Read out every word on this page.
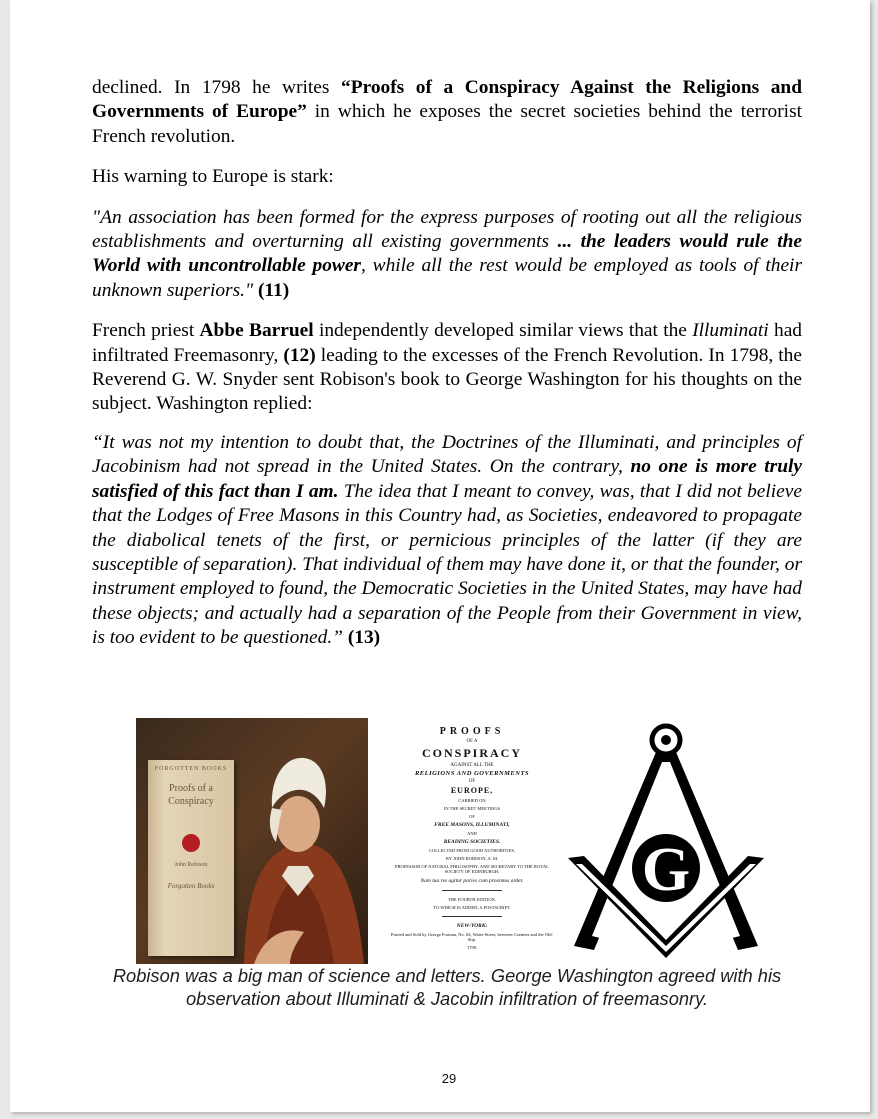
declined. In 1798 he writes “Proofs of a Conspiracy Against the Religions and Governments of Europe” in which he exposes the secret societies behind the terrorist French revolution.

His warning to Europe is stark:

"An association has been formed for the express purposes of rooting out all the religious establishments and overturning all existing governments ... the leaders would rule the World with uncontrollable power, while all the rest would be employed as tools of their unknown superiors." (11)

French priest Abbe Barruel independently developed similar views that the Illuminati had infiltrated Freemasonry, (12) leading to the excesses of the French Revolution. In 1798, the Reverend G. W. Snyder sent Robison's book to George Washington for his thoughts on the subject. Washington replied:

“It was not my intention to doubt that, the Doctrines of the Illuminati, and principles of Jacobinism had not spread in the United States. On the contrary, no one is more truly satisfied of this fact than I am. The idea that I meant to convey, was, that I did not believe that the Lodges of Free Masons in this Country had, as Societies, endeavored to propagate the diabolical tenets of the first, or pernicious principles of the latter (if they are susceptible of separation). That individual of them may have done it, or that the founder, or instrument employed to found, the Democratic Societies in the United States, may have had these objects; and actually had a separation of the People from their Government in view, is too evident to be questioned.” (13)

FORGOTTEN BOOKS
Proofs of a Conspiracy
John Robison
Forgotten Books
PROOFS
OF A
CONSPIRACY
AGAINST ALL THE
RELIGIONS AND GOVERNMENTS
OF
EUROPE,
CARRIED ON
IN THE SECRET MEETINGS
OF
FREE MASONS, ILLUMINATI,
AND
READING SOCIETIES.
COLLECTED FROM GOOD AUTHORITIES,
BY JOHN ROBISON, A. M.
PROFESSOR OF NATURAL PHILOSOPHY, AND SECRETARY TO THE ROYAL SOCIETY OF EDINBURGH.
Nam tua res agitur paries cum proximus ardet.
THE FOURTH EDITION.
TO WHICH IS ADDED, A POSTSCRIPT.
NEW-YORK:
Printed and Sold by George Forman, No. 64, Water-Street, between Coenties and the Old-Slip.
1798.
G
Robison was a big man of science and letters. George Washington agreed with his observation about Illuminati & Jacobin infiltration of freemasonry.
29
